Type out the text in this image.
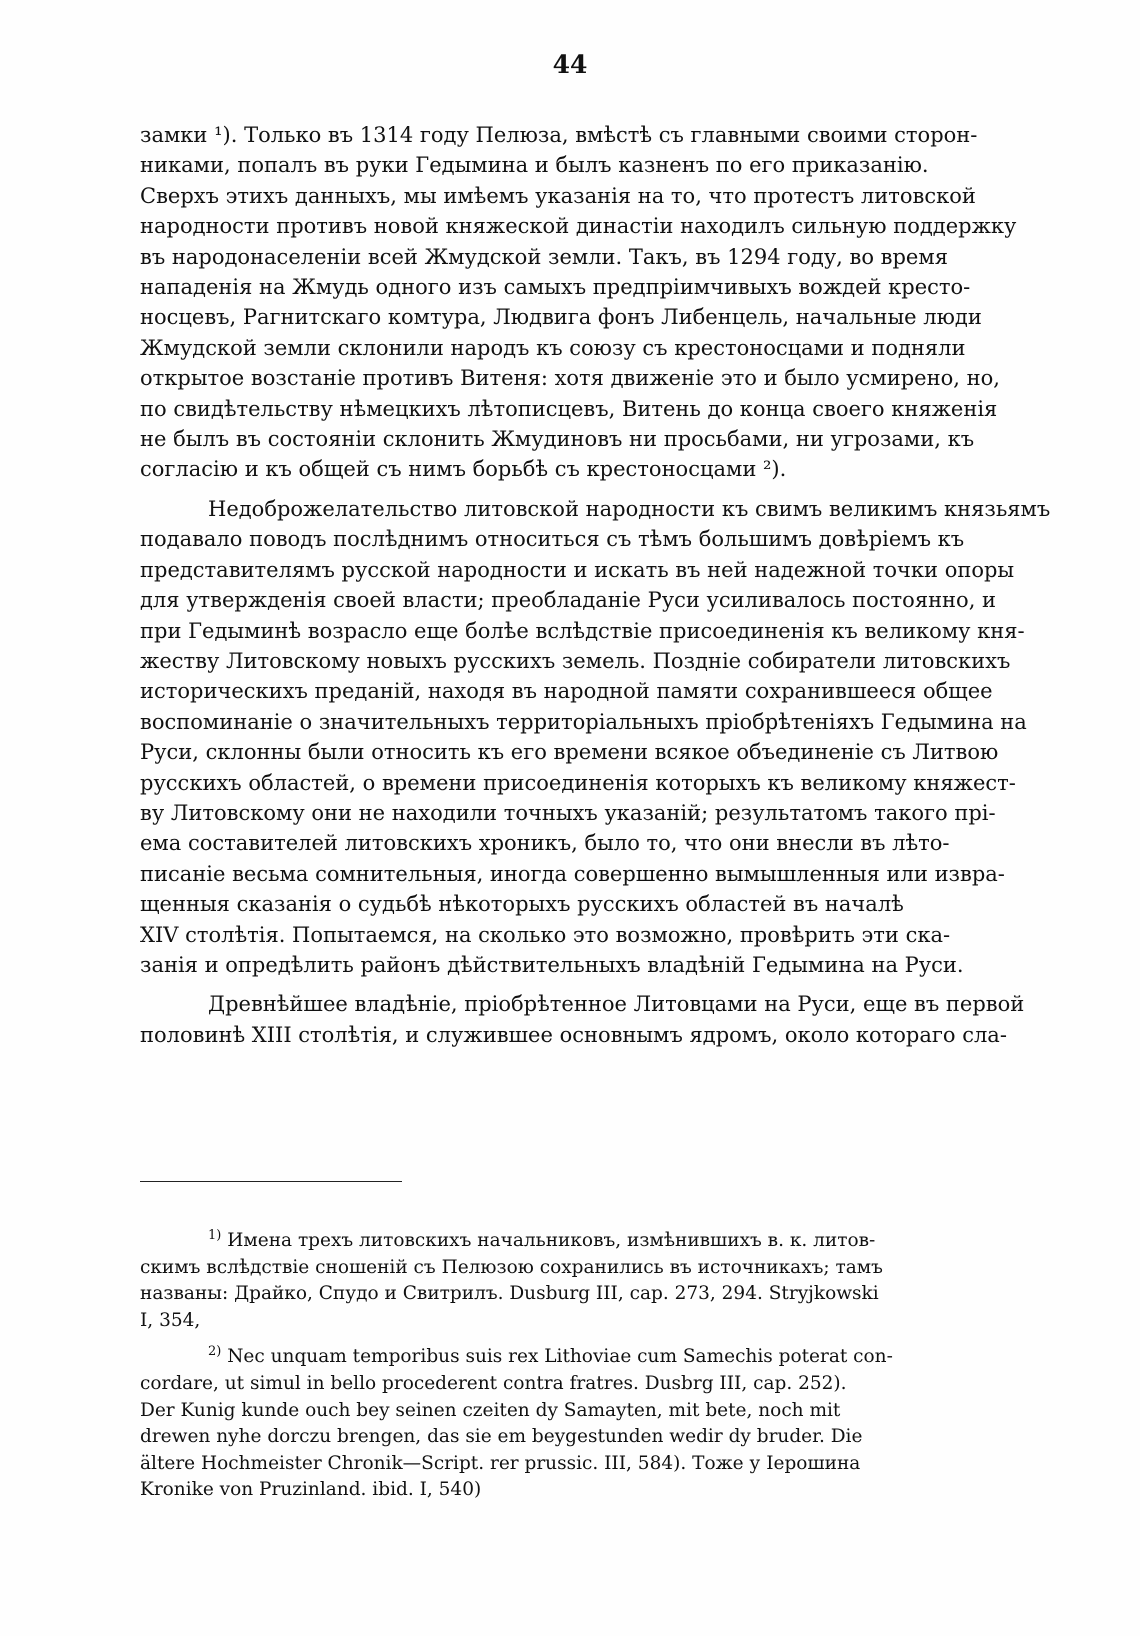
44

замки ¹). Только въ 1314 году Пелюза, вмѣстѣ съ главными своими сторон-

никами, попалъ въ руки Гедымина и былъ казненъ по его приказанію.

Сверхъ этихъ данныхъ, мы имѣемъ указанія на то, что протестъ литовской

народности противъ новой княжеской династіи находилъ сильную поддержку

въ народонаселеніи всей Жмудской земли. Такъ, въ 1294 году, во время

нападенія на Жмудь одного изъ самыхъ предпріимчивыхъ вождей кресто-

носцевъ, Рагнитскаго комтура, Людвига фонъ Либенцель, начальные люди

Жмудской земли склонили народъ къ союзу съ крестоносцами и подняли

открытое возстаніе противъ Витеня: хотя движеніе это и было усмирено, но,

по свидѣтельству нѣмецкихъ лѣтописцевъ, Витень до конца своего княженія

не былъ въ состояніи склонить Жмудиновъ ни просьбами, ни угрозами, къ

согласію и къ общей съ нимъ борьбѣ съ крестоносцами ²).

Недоброжелательство литовской народности къ свимъ великимъ князьямъ

подавало поводъ послѣднимъ относиться съ тѣмъ большимъ довѣріемъ къ

представителямъ русской народности и искать въ ней надежной точки опоры

для утвержденія своей власти; преобладаніе Руси усиливалось постоянно, и

при Гедыминѣ возрасло еще болѣе вслѣдствіе присоединенія къ великому кня-

жеству Литовскому новыхъ русскихъ земель. Поздніе собиратели литовскихъ

историческихъ преданій, находя въ народной памяти сохранившееся общее

воспоминаніе о значительныхъ территоріальныхъ пріобрѣтеніяхъ Гедымина на

Руси, склонны были относить къ его времени всякое объединеніе съ Литвою

русскихъ областей, о времени присоединенія которыхъ къ великому княжест-

ву Литовскому они не находили точныхъ указаній; результатомъ такого прі-

ема составителей литовскихъ хроникъ, было то, что они внесли въ лѣто-

писаніе весьма сомнительныя, иногда совершенно вымышленныя или извра-

щенныя сказанія о судьбѣ нѣкоторыхъ русскихъ областей въ началѣ

XIV столѣтія. Попытаемся, на сколько это возможно, провѣрить эти ска-

занія и опредѣлить районъ дѣйствительныхъ владѣній Гедымина на Руси.

Древнѣйшее владѣніе, пріобрѣтенное Литовцами на Руси, еще въ первой

половинѣ XIII столѣтія, и служившее основнымъ ядромъ, около котораго сла-

$^{1)}$ Имена трехъ литовскихъ начальниковъ, измѣнившихъ в. к. литов-

скимъ вслѣдствіе сношеній съ Пелюзою сохранились въ источникахъ; тамъ

названы: Драйко, Спудо и Свитрилъ. Dusburg III, cap. 273, 294. Stryjkowski

I, 354,

$^{2)}$ Nec unquam temporibus suis rex Lithoviae cum Samechis poterat con-

cordare, ut simul in bello procederent contra fratres. Dusbrg III, cap. 252).

Der Kunig kunde ouch bey seinen czeiten dy Samayten, mit bete, noch mit

drewen nyhe dorczu brengen, das sie em beygestunden wedir dy bruder. Die

ältere Hochmeister Chronik—Script. rer prussic. III, 584). Тоже у Іерошина

Kronike von Pruzinland. ibid. I, 540)
